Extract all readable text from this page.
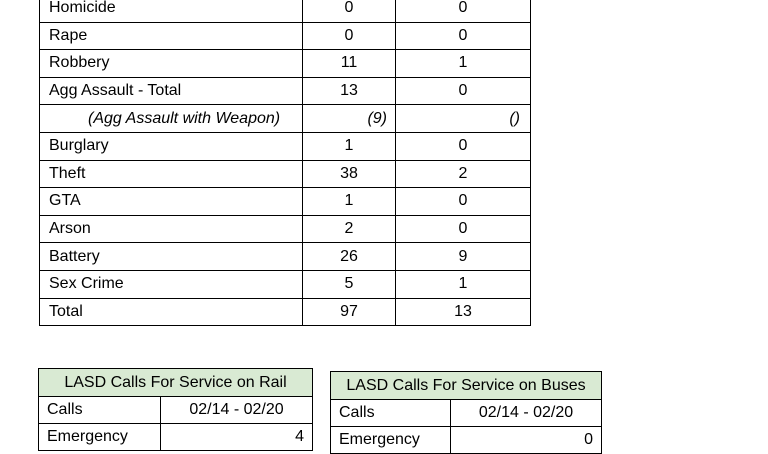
Homicide	0	0
Rape	0	0
Robbery	11	1
Agg Assault - Total	13	0
(Agg Assault with Weapon)	(9)	()
Burglary	1	0
Theft	38	2
GTA	1	0
Arson	2	0
Battery	26	9
Sex Crime	5	1
Total	97	13
LASD Calls For Service on Rail	
Calls	02/14 - 02/20
Emergency	4
LASD Calls For Service on Buses	
Calls	02/14 - 02/20
Emergency	0
